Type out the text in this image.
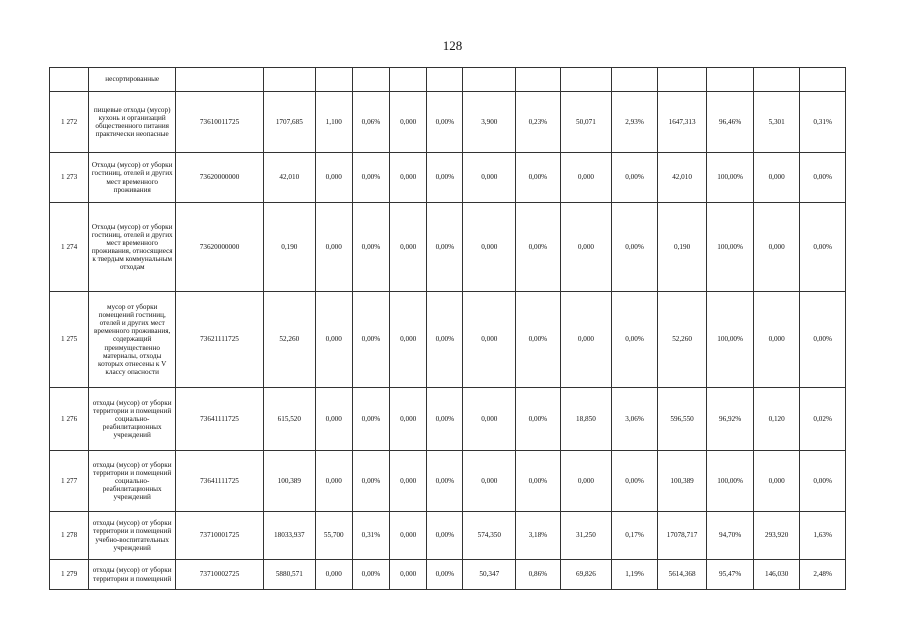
128
	несортированные														
1 272	пищевые отходы (мусор) кухонь и организаций общественного питания практически неопасные	73610011725	1707,685	1,100	0,06%	0,000	0,00%	3,900	0,23%	50,071	2,93%	1647,313	96,46%	5,301	0,31%
1 273	Отходы (мусор) от уборки гостиниц, отелей и других мест временного проживания	73620000000	42,010	0,000	0,00%	0,000	0,00%	0,000	0,00%	0,000	0,00%	42,010	100,00%	0,000	0,00%
1 274	Отходы (мусор) от уборки гостиниц, отелей и других мест временного проживания, относящиеся к твердым коммунальным отходам	73620000000	0,190	0,000	0,00%	0,000	0,00%	0,000	0,00%	0,000	0,00%	0,190	100,00%	0,000	0,00%
1 275	мусор от уборки помещений гостиниц, отелей и других мест временного проживания, содержащий преимущественно материалы, отходы которых отнесены к V классу опасности	73621111725	52,260	0,000	0,00%	0,000	0,00%	0,000	0,00%	0,000	0,00%	52,260	100,00%	0,000	0,00%
1 276	отходы (мусор) от уборки территории и помещений социально-реабилитационных учреждений	73641111725	615,520	0,000	0,00%	0,000	0,00%	0,000	0,00%	18,850	3,06%	596,550	96,92%	0,120	0,02%
1 277	отходы (мусор) от уборки территории и помещений социально-реабилитационных учреждений	73641111725	100,389	0,000	0,00%	0,000	0,00%	0,000	0,00%	0,000	0,00%	100,389	100,00%	0,000	0,00%
1 278	отходы (мусор) от уборки территории и помещений учебно-воспитательных учреждений	73710001725	18033,937	55,700	0,31%	0,000	0,00%	574,350	3,18%	31,250	0,17%	17078,717	94,70%	293,920	1,63%
1 279	отходы (мусор) от уборки территории и помещений	73710002725	5880,571	0,000	0,00%	0,000	0,00%	50,347	0,86%	69,826	1,19%	5614,368	95,47%	146,030	2,48%
